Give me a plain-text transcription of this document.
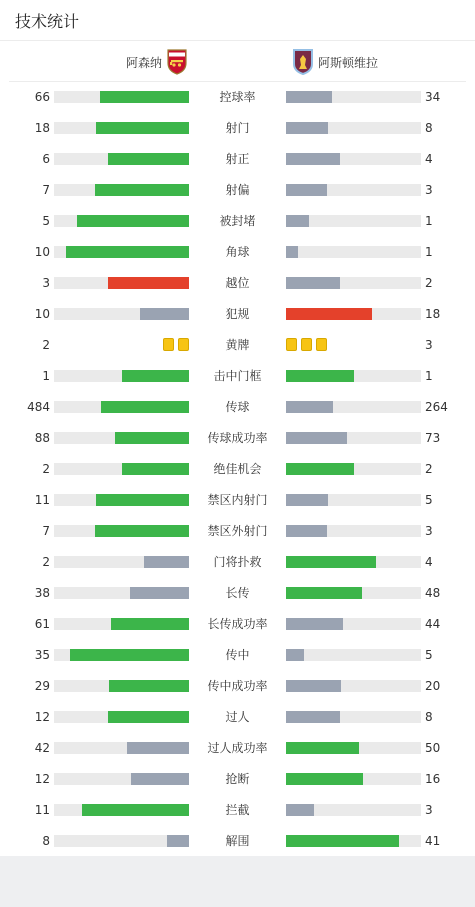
技术统计
阿森纳	阿斯顿维拉
66	控球率	34
18	射门	8
6	射正	4
7	射偏	3
5	被封堵	1
10	角球	1
3	越位	2
10	犯规	18
2	黄牌	3
1	击中门框	1
484	传球	264
88	传球成功率	73
2	绝佳机会	2
11	禁区内射门	5
7	禁区外射门	3
2	门将扑救	4
38	长传	48
61	长传成功率	44
35	传中	5
29	传中成功率	20
12	过人	8
42	过人成功率	50
12	抢断	16
11	拦截	3
8	解围	41
